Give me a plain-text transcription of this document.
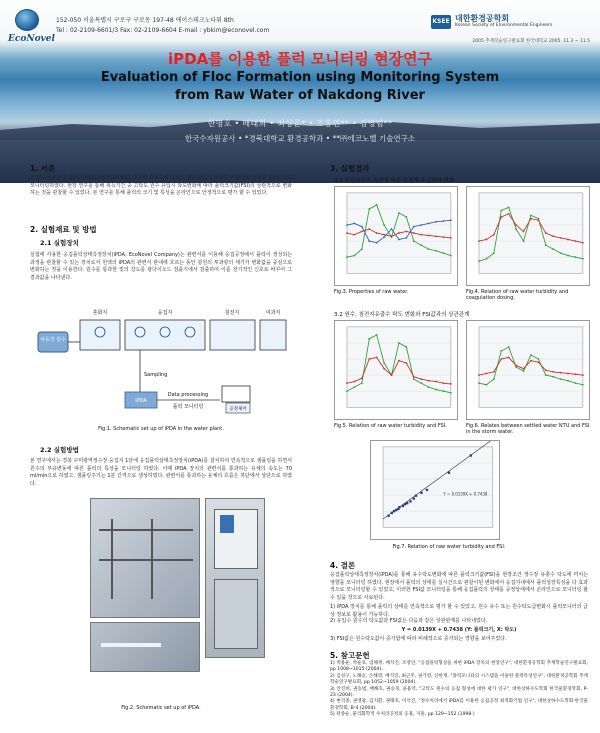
EcoNovel
152-050 서울특별시 구로구 구로동 197-48 에이스테크노타워 8th
Tel : 02-2109-6601/3 Fax: 02-2109-6604 E-mail : ybkim@econovel.com
KSEE 대한환경공학회
Korean Society of Environmental Engineers
2005 추계학술연구발표회 한국대학교 2005. 11.3 ~ 11.5
iPDA를 이용한 플럭 모니터링 현장연구
Evaluation of Floc Formation using Monitoring System
from Raw Water of Nakdong River
한명호 • 배태희 • 최상준* • 조홍연** • 김영범**
한국수자원공사 • *경북대학교 환경공학과 • **㈜에코노벨 기술연구소
1. 서론
본 연구에서는 응집플럭상태측정장치(iPDA)를 현장에 적용하여 고탁도 원수 유입시 변화하는 플럭의 상태를 온라인으로 모니터링하였다. 현장 연구를 통해 취득기간 중 고탁도 원수 유입시 탁도변화에 따라 플럭크기값(FSI)의 상관적으로 변화하는 것을 관찰할 수 있었다. 본 연구를 통해 플럭의 크기 및 특성을 온라인으로 안정적으로 평가 할 수 있었다.
2. 실험재료 및 방법
2.1 실험장치
실험에 사용한 응집플럭상태측정장치(iPDA, EcoNovel Company)는 관련서를 이용해 응집공정에서 플럭이 생성되는 과정을 관찰할 수 있는 장치로서 원액의 iPDA의 관련서 관내에 흐르는 동안 광원의 투과광의 세기가 변화값을 중심으로 변화하는 것을 이용한다. 원수를 통과한 빛의 강도를 광다이오드 검출기에서 검출하여 이를 전기적인 신호로 바꾸어 그 결과값을 나타낸다.
낙동강 원수
혼화지	응집지	침전지	여과지
Sampling
iPDA
Data processing
플럭 모니터링	공정제어
Fig.1. Schematic set up of iPDA in the water plant.
2.2 실험방법
본 연구에서는 경북 구미광역정수장 응집지 1단에 응집플럭상태측정장치(iPDA)를 설치하여 연속적으로 샘플링을 하면서 원수의 부유변동에 따른 플럭의 특성을 모니터링 하였다. 이때 iPDA 장치의 관련서를 통과하는 유체의 속도는 70 ml/min으로 하였고, 샘플링주기는 1분 간격으로 생성하였다. 관련서를 통과하는 유체의 흐름은 하단에서 상단으로 하였다.
Fig.2. Schematic set up of iPDA.
3. 실험결과
3.1 유입원수의 특성에 따른 응집제 주입량의 변화
Fig.3. Properties of raw water.	Fig.4. Relation of raw water turbidity and coagulation dosing.
3.2 원수, 침전지유출수 탁도 변화와 FSI값과의 상관관계
Fig.5. Relation of raw water turbidity and FSI.	Fig.6. Relates between settled water NTU and FSI in the storm water.
Y = 0.0139X + 0.7438
Fig.7. Relation of raw water turbidity and FSI.
4. 결론
응집플럭상태측정장치(iPDA)를 통해 유수탁도변화에 따른 플럭크기값(FSI)을 현장조건 정수장 유충수 탁도에 미치는 영향을 모니터링 하였다. 현장에서 플럭의 상태를 실시간으로 관찰이된 변화에서 응집지내에서 플럭성장특성을 다 효과적으로 모니터링할 수 있었고, 이러한 FSI값 모니터링을 통해 응집플럭의 상태를 공정상태에서 온라인으로 모니터링 할 수 있을 것으로 사료된다.
1) iPDA 장치를 통해 플럭의 상태를 연속적으로 평가 할 수 있었고, 원수 유수 또는 원수탁도급변화시 플럭모니터의 급상 정보로 활용이 가능하다.
2) 유입수 원수의 탁도값과 FSI값은 다음과 같은 상관관계를 나타내었다.
Y = 0.0139X + 0.7438 (Y: 플럭크기, X: 탁도)
3) FSI값은 원수탁도값이 증가함에 따라 비례적으로 증가되는 경향을 보여주었다.
5. 참고문헌
1) 박용운, 박순호, 엄해정, 배석진, 조영연, "응집플럭형상을 위한 iPDA 장치의 현장연구", 대한환경공학회 추계학술연구발표회, pp 1008~1015 (2004).
2) 김성구, 노해승, 손해영, 배석진, 최근주, 권가영, 신한재, "플럭모니터의 시스템을 이용한 플럭특성연구", 대한환경공학회 추계학술연구발표회, pp 1052~1059 (2004).
3) 안진희, 권승범, 배해호, 권승경, 윤용역, "고탁도 원수의 응집 형성에 대한 평가 연구", 대한상하수도학회 한국물환경학회, P-23 (2004).
4) 변석종, 권영광, 김지환, 권태호, 이석진, "정수처리에서 iPDA를 이용한 응집공정 최적화기법 연구", 대한상하수도학회·한국물환경학회, B-4 (2004).
5) 곽종순, 물리화학적 수처리공정의 응용, 지훈, pp 129~152 (1998.)
